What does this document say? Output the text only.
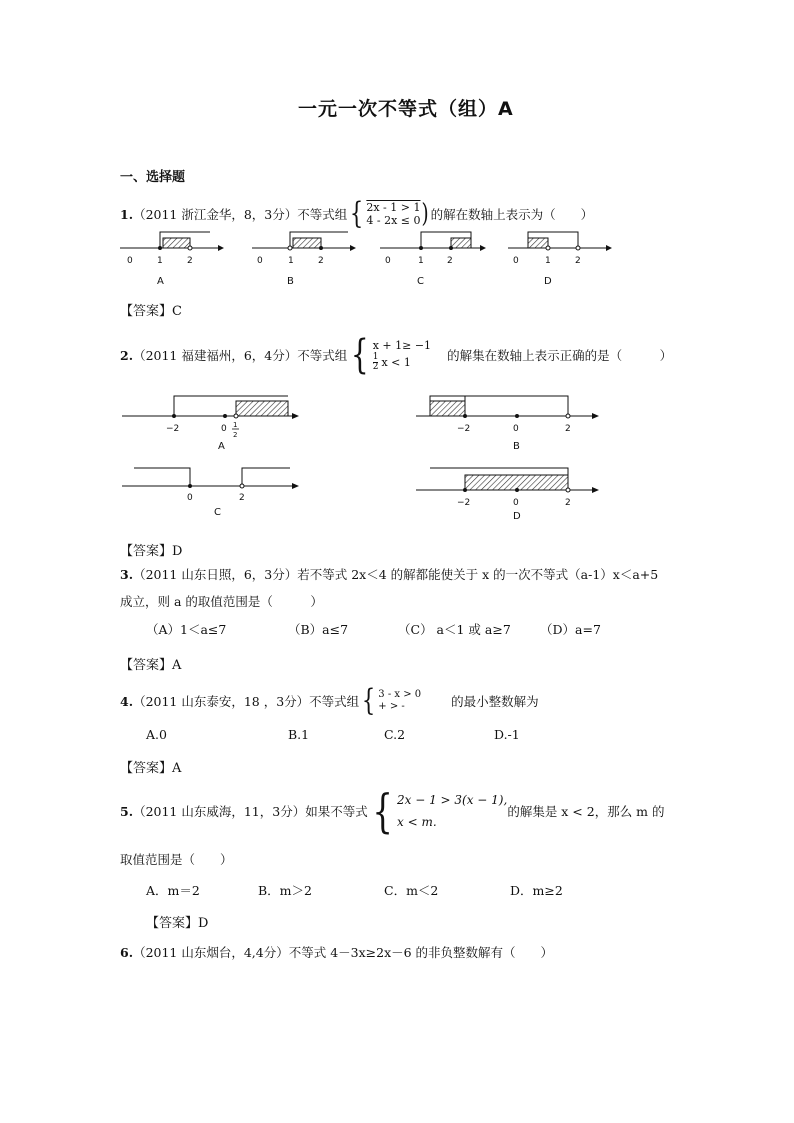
一元一次不等式（组）A
一、选择题
1. （2011 浙江金华，8，3分）不等式组 { 2x - 1 > 1
4 - 2x ≤ 0 ) 的解在数轴上表示为（　　）
0	1	2	0	1	2	0	1	2	0	1	2
A	B	C	D
【答案】C
2. （2011 福建福州，6，4分）不等式组 { x + 1≥ −1
$\frac{1}{2}$ x < 1	的解集在数轴上表示正确的是（　　　）
−2	0 1
2
−2	0	2
0	2	−2	0	2
A	B
C	D
【答案】D
3.（2011 山东日照，6，3分）若不等式 2x＜4 的解都能使关于 x 的一次不等式（a-1）x＜a+5
成立，则 a 的取值范围是（　　　）
（A）1＜a≤7	（B）a≤7	（C） a＜1 或 a≥7 （D）a=7
【答案】A
4. （2011 山东泰安，18 ，3分）不等式组 { 3 - x > 0
+ > -	的最小整数解为
A.0	B.1	C.2	D.-1
【答案】A
5. （2011 山东威海，11，3分）如果不等式 { 2x − 1 > 3(x − 1),
x < m.
的解集是 x < 2，那么 m 的
取值范围是（　　）
A．m＝2	B．m＞2	C．m＜2	D．m≥2
【答案】D
6.（2011 山东烟台，4,4分）不等式 4－3x≥2x－6 的非负整数解有（　　）
